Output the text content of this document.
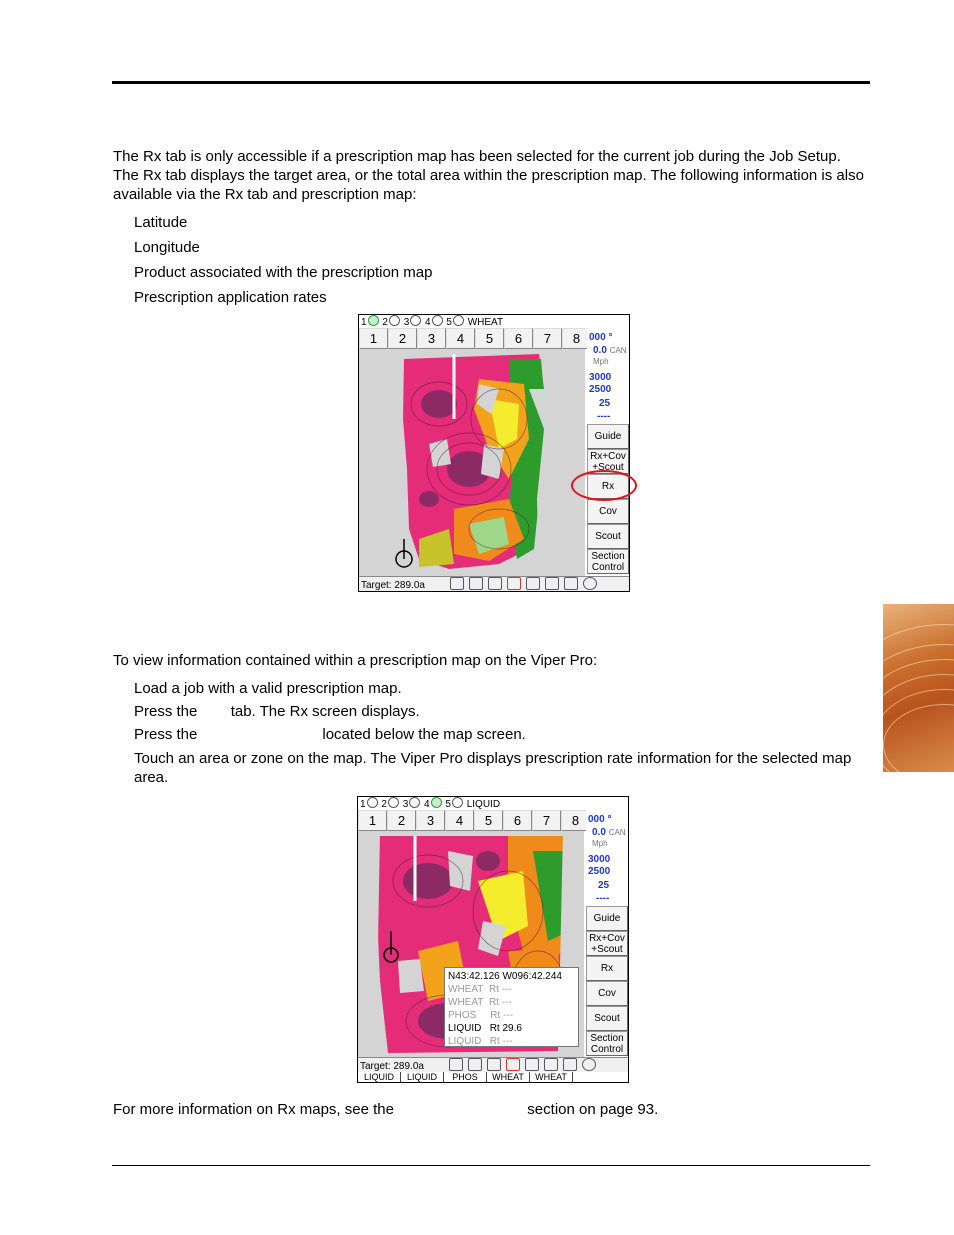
The Rx tab is only accessible if a prescription map has been selected for the current job during the Job Setup. The Rx tab displays the target area, or the total area within the prescription map. The following information is also available via the Rx tab and prescription map:
Latitude
Longitude
Product associated with the prescription map
Prescription application rates
1 2 3 4 5 WHEAT
1	2	3	4	5	6	7	8 000 °
0.0 CAN Mph
3000
2500
25
----
Guide
Rx+Cov +Scout
Rx
Cov
Scout
Section Control
Target: 289.0a
To view information contained within a prescription map on the Viper Pro:
Load a job with a valid prescription map.
Press the        tab. The Rx screen displays.
Press the                              located below the map screen.
Touch an area or zone on the map. The Viper Pro displays prescription rate information for the selected map area.
1 2 3 4 5 LIQUID
1	2	3	4	5	6	7	8
N43:42.126 W096:42.244
WHEAT Rt ---
WHEAT Rt ---
PHOS Rt ---
LIQUID Rt 29.6
LIQUID Rt ---
000 °
0.0 CAN Mph
3000
2500
25
----
Guide
Rx+Cov +Scout
Rx
Cov
Scout
Section Control
Target: 289.0a
LIQUID	LIQUID	PHOS	WHEAT	WHEAT
For more information on Rx maps, see the                                section on page 93.
